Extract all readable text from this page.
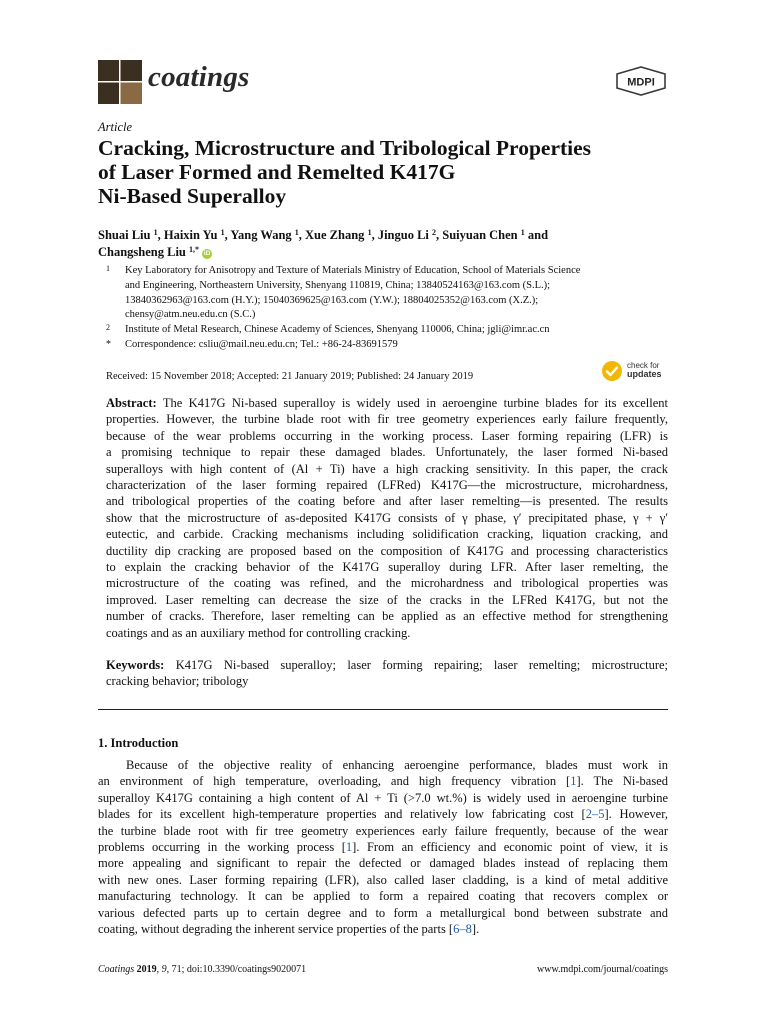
coatings	MDPI
Article
Cracking, Microstructure and Tribological Properties
of Laser Formed and Remelted K417G
Ni-Based Superalloy
Shuai Liu $^1$, Haixin Yu $^1$, Yang Wang $^1$, Xue Zhang $^1$, Jinguo Li $^2$, Suiyuan Chen $^1$ and
Changsheng Liu $^{1,*}$ iD
1 Key Laboratory for Anisotropy and Texture of Materials Ministry of Education, School of Materials Science
and Engineering, Northeastern University, Shenyang 110819, China; 13840524163@163.com (S.L.);
13840362963@163.com (H.Y.); 15040369625@163.com (Y.W.); 18804025352@163.com (X.Z.);
chensy@atm.neu.edu.cn (S.C.)
2 Institute of Metal Research, Chinese Academy of Sciences, Shenyang 110006, China; jgli@imr.ac.cn
* Correspondence: csliu@mail.neu.edu.cn; Tel.: +86-24-83691579
Received: 15 November 2018; Accepted: 21 January 2019; Published: 24 January 2019
check for
updates
Abstract: The K417G Ni-based superalloy is widely used in aeroengine turbine blades for its excellent
properties. However, the turbine blade root with fir tree geometry experiences early failure frequently,
because of the wear problems occurring in the working process. Laser forming repairing (LFR) is
a promising technique to repair these damaged blades. Unfortunately, the laser formed Ni-based
superalloys with high content of (Al + Ti) have a high cracking sensitivity. In this paper, the crack
characterization of the laser forming repaired (LFRed) K417G—the microstructure, microhardness,
and tribological properties of the coating before and after laser remelting—is presented. The results
show that the microstructure of as-deposited K417G consists of γ phase, γ′ precipitated phase, γ + γ′
eutectic, and carbide. Cracking mechanisms including solidification cracking, liquation cracking, and
ductility dip cracking are proposed based on the composition of K417G and processing characteristics
to explain the cracking behavior of the K417G superalloy during LFR. After laser remelting, the
microstructure of the coating was refined, and the microhardness and tribological properties was
improved. Laser remelting can decrease the size of the cracks in the LFRed K417G, but not the
number of cracks. Therefore, laser remelting can be applied as an effective method for strengthening
coatings and as an auxiliary method for controlling cracking.
Keywords: K417G Ni-based superalloy; laser forming repairing; laser remelting; microstructure;
cracking behavior; tribology
1. Introduction
Because of the objective reality of enhancing aeroengine performance, blades must work in
an environment of high temperature, overloading, and high frequency vibration [1]. The Ni-based
superalloy K417G containing a high content of Al + Ti (>7.0 wt.%) is widely used in aeroengine turbine
blades for its excellent high-temperature properties and relatively low fabricating cost [2–5]. However,
the turbine blade root with fir tree geometry experiences early failure frequently, because of the wear
problems occurring in the working process [1]. From an efficiency and economic point of view, it is
more appealing and significant to repair the defected or damaged blades instead of replacing them
with new ones. Laser forming repairing (LFR), also called laser cladding, is a kind of metal additive
manufacturing technology. It can be applied to form a repaired coating that recovers complex or
various defected parts up to certain degree and to form a metallurgical bond between substrate and
coating, without degrading the inherent service properties of the parts [6–8].
Coatings 2019, 9, 71; doi:10.3390/coatings9020071	www.mdpi.com/journal/coatings
